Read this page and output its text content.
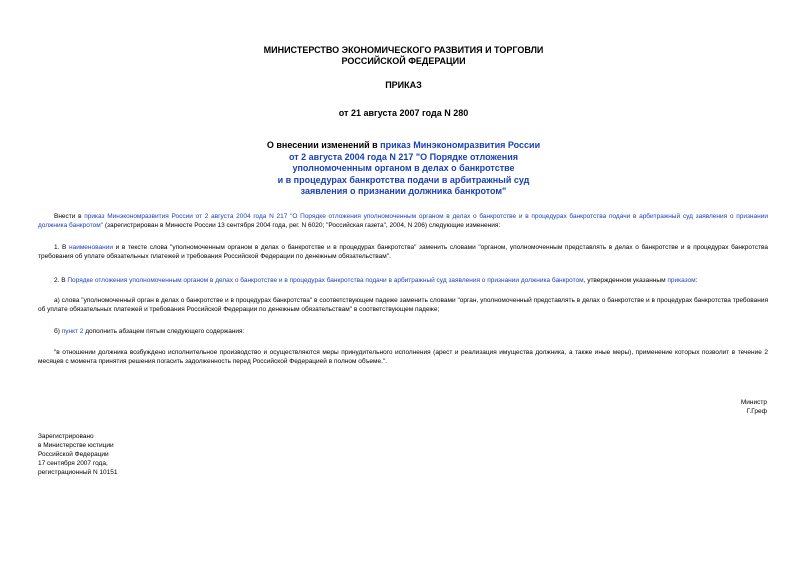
МИНИСТЕРСТВО ЭКОНОМИЧЕСКОГО РАЗВИТИЯ И ТОРГОВЛИ
РОССИЙСКОЙ ФЕДЕРАЦИИ
ПРИКАЗ
от 21 августа 2007 года N 280
О внесении изменений в приказ Минэкономразвития России
от 2 августа 2004 года N 217 "О Порядке отложения
уполномоченным органом в делах о банкротстве
и в процедурах банкротства подачи в арбитражный суд
заявления о признании должника банкротом"
Внести в приказ Минэкономразвития России от 2 августа 2004 года N 217 "О Порядке отложения уполномоченным органом в делах о банкротстве и в процедурах банкротства подачи в арбитражный суд заявления о признании должника банкротом" (зарегистрирован в Минюсте России 13 сентября 2004 года, рег. N 6020; "Российская газета", 2004, N 206) следующие изменения:
1. В наименовании и в тексте слова "уполномоченным органом в делах о банкротстве и в процедурах банкротства" заменить словами "органом, уполномоченным представлять в делах о банкротстве и в процедурах банкротства требования об уплате обязательных платежей и требования Российской Федерации по денежным обязательствам".
2. В Порядке отложения уполномоченным органом в делах о банкротстве и в процедурах банкротства подачи в арбитражный суд заявления о признании должника банкротом, утвержденном указанным приказом:
а) слова "уполномоченный орган в делах о банкротстве и в процедурах банкротства" в соответствующем падеже заменить словами "орган, уполномоченный представлять в делах о банкротстве и в процедурах банкротства требования об уплате обязательных платежей и требования Российской Федерации по денежным обязательствам" в соответствующем падеже;
б) пункт 2 дополнить абзацем пятым следующего содержания:
"в отношении должника возбуждено исполнительное производство и осуществляются меры принудительного исполнения (арест и реализация имущества должника, а также иные меры), применение которых позволит в течение 2 месяцев с момента принятия решения погасить задолженность перед Российской Федерацией в полном объеме.".
Министр
Г.Греф
Зарегистрировано
в Министерстве юстиции
Российской Федерации
17 сентября 2007 года,
регистрационный N 10151
